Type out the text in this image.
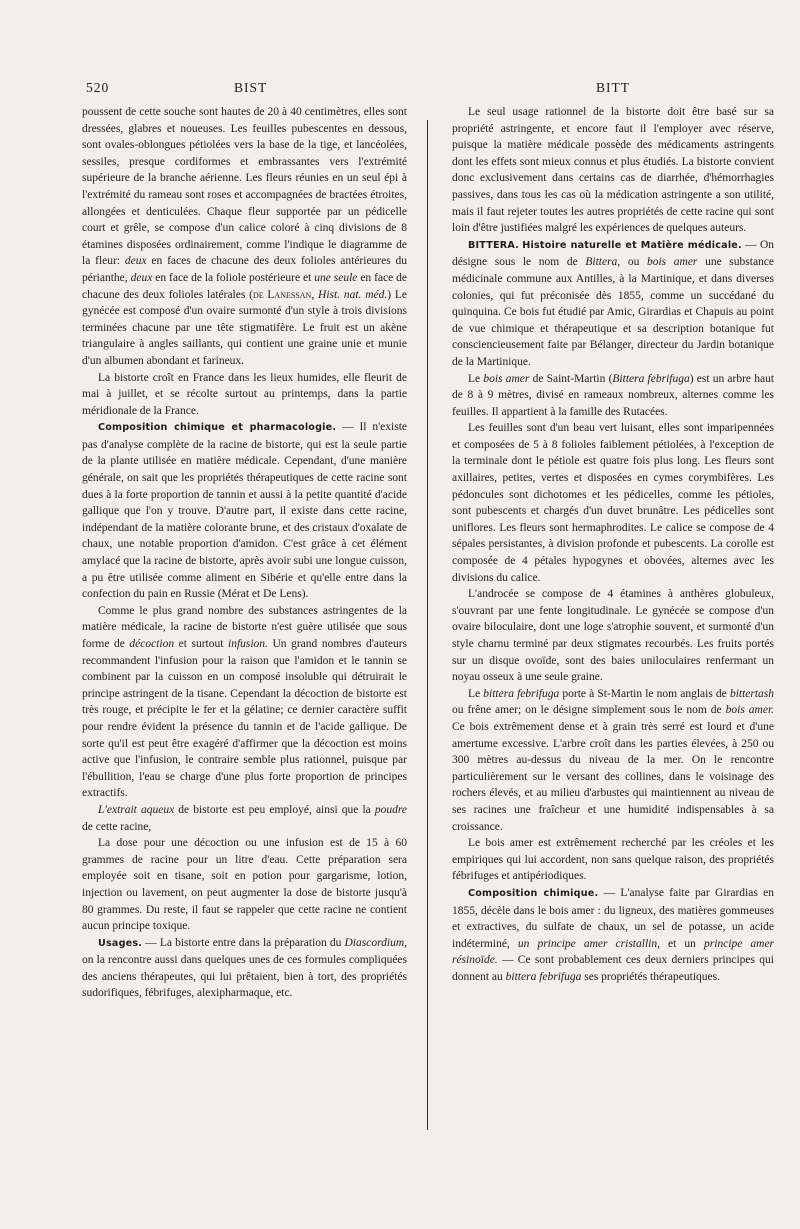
520	BIST	BITT

poussent de cette souche sont hautes de 20 à 40 centimètres, elles sont dressées, glabres et noueuses. Les feuilles pubescentes en dessous, sont ovales-oblongues pétiolées vers la base de la tige, et lancéolées, sessiles, presque cordiformes et embrassantes vers l'extrémité supérieure de la branche aérienne. Les fleurs réunies en un seul épi à l'extrémité du rameau sont roses et accompagnées de bractées étroites, allongées et denticulées. Chaque fleur supportée par un pédicelle court et grêle, se compose d'un calice coloré à cinq divisions de 8 étamines disposées ordinairement, comme l'indique le diagramme de la fleur: deux en faces de chacune des deux folioles antérieures du périanthe, deux en face de la foliole postérieure et une seule en face de chacune des deux folioles latérales (de Lanessan, Hist. nat. méd.) Le gynécée est composé d'un ovaire surmonté d'un style à trois divisions terminées chacune par une tête stigmatifère. Le fruit est un akène triangulaire à angles saillants, qui contient une graine unie et munie d'un albumen abondant et farineux.

La bistorte croît en France dans les lieux humides, elle fleurit de mai à juillet, et se récolte surtout au printemps, dans la partie méridionale de la France.

Composition chimique et pharmacologie. — Il n'existe pas d'analyse complète de la racine de bistorte, qui est la seule partie de la plante utilisée en matière médicale. Cependant, d'une manière générale, on sait que les propriétés thérapeutiques de cette racine sont dues à la forte proportion de tannin et aussi à la petite quantité d'acide gallique que l'on y trouve. D'autre part, il existe dans cette racine, indépendant de la matière colorante brune, et des cristaux d'oxalate de chaux, une notable proportion d'amidon. C'est grâce à cet élément amylacé que la racine de bistorte, après avoir subi une longue cuisson, a pu être utilisée comme aliment en Sibérie et qu'elle entre dans la confection du pain en Russie (Mérat et De Lens).

Comme le plus grand nombre des substances astringentes de la matière médicale, la racine de bistorte n'est guère utilisée que sous forme de décoction et surtout infusion. Un grand nombres d'auteurs recommandent l'infusion pour la raison que l'amidon et le tannin se combinent par la cuisson en un composé insoluble qui détruirait le principe astringent de la tisane. Cependant la décoction de bistorte est très rouge, et précipite le fer et la gélatine; ce dernier caractère suffit pour rendre évident la présence du tannin et de l'acide gallique. De sorte qu'il est peut être exagéré d'affirmer que la décoction est moins active que l'infusion, le contraire semble plus rationnel, puisque par l'ébullition, l'eau se charge d'une plus forte proportion de principes extractifs.

L'extrait aqueux de bistorte est peu employé, ainsi que la poudre de cette racine,

La dose pour une décoction ou une infusion est de 15 à 60 grammes de racine pour un litre d'eau. Cette préparation sera employée soit en tisane, soit en potion pour gargarisme, lotion, injection ou lavement, on peut augmenter la dose de bistorte jusqu'à 80 grammes. Du reste, il faut se rappeler que cette racine ne contient aucun principe toxique.

Usages. — La bistorte entre dans la préparation du Diascordium, on la rencontre aussi dans quelques unes de ces formules compliquées des anciens thérapeutes, qui lui prêtaient, bien à tort, des propriétés sudorifiques, fébrifuges, alexipharmaque, etc.

Le seul usage rationnel de la bistorte doit être basé sur sa propriété astringente, et encore faut il l'employer avec réserve, puisque la matière médicale possède des médicaments astringents dont les effets sont mieux connus et plus étudiés. La bistorte convient donc exclusivement dans certains cas de diarrhée, d'hémorrhagies passives, dans tous les cas où la médication astringente a son utilité, mais il faut rejeter toutes les autres propriétés de cette racine qui sont loin d'être justifiées malgré les expériences de quelques auteurs.

BITTERA. Histoire naturelle et Matière médicale. — On désigne sous le nom de Bittera, ou bois amer une substance médicinale commune aux Antilles, à la Martinique, et dans diverses colonies, qui fut préconisée dès 1855, comme un succédané du quinquina. Ce bois fut étudié par Amic, Girardias et Chapuis au point de vue chimique et thérapeutique et sa description botanique fut consciencieusement faite par Bélanger, directeur du Jardin botanique de la Martinique.

Le bois amer de Saint-Martin (Bittera febrifuga) est un arbre haut de 8 à 9 mètres, divisé en rameaux nombreux, alternes comme les feuilles. Il appartient à la famille des Rutacées.

Les feuilles sont d'un beau vert luisant, elles sont imparipennées et composées de 5 à 8 folioles faiblement pétiolées, à l'exception de la terminale dont le pétiole est quatre fois plus long. Les fleurs sont axillaires, petites, vertes et disposées en cymes corymbifères. Les pédoncules sont dichotomes et les pédicelles, comme les pétioles, sont pubescents et chargés d'un duvet brunâtre. Les pédicelles sont uniflores. Les fleurs sont hermaphrodites. Le calice se compose de 4 sépales persistantes, à division profonde et pubescents. La corolle est composée de 4 pétales hypogynes et obovées, alternes avec les divisions du calice.

L'androcée se compose de 4 étamines à anthères globuleux, s'ouvrant par une fente longitudinale. Le gynécée se compose d'un ovaire biloculaire, dont une loge s'atrophie souvent, et surmonté d'un style charnu terminé par deux stigmates recourbés. Les fruits portés sur un disque ovoïde, sont des baies uniloculaires renfermant un noyau osseux à une seule graine.

Le bittera febrifuga porte à St-Martin le nom anglais de bittertash ou frêne amer; on le désigne simplement sous le nom de bois amer. Ce bois extrêmement dense et à grain très serré est lourd et d'une amertume excessive. L'arbre croît dans les parties élevées, à 250 ou 300 mètres au-dessus du niveau de la mer. On le rencontre particulièrement sur le versant des collines, dans le voisinage des rochers élevés, et au milieu d'arbustes qui maintiennent au niveau de ses racines une fraîcheur et une humidité indispensables à sa croissance.

Le bois amer est extrêmement recherché par les créoles et les empiriques qui lui accordent, non sans quelque raison, des propriétés fébrifuges et antipériodiques.

Composition chimique. — L'analyse faite par Girardias en 1855, décèle dans le bois amer : du ligneux, des matières gommeuses et extractives, du sulfate de chaux, un sel de potasse, un acide indéterminé, un principe amer cristallin, et un principe amer résinoïde. — Ce sont probablement ces deux derniers principes qui donnent au bittera febrifuga ses propriétés thérapeutiques.
